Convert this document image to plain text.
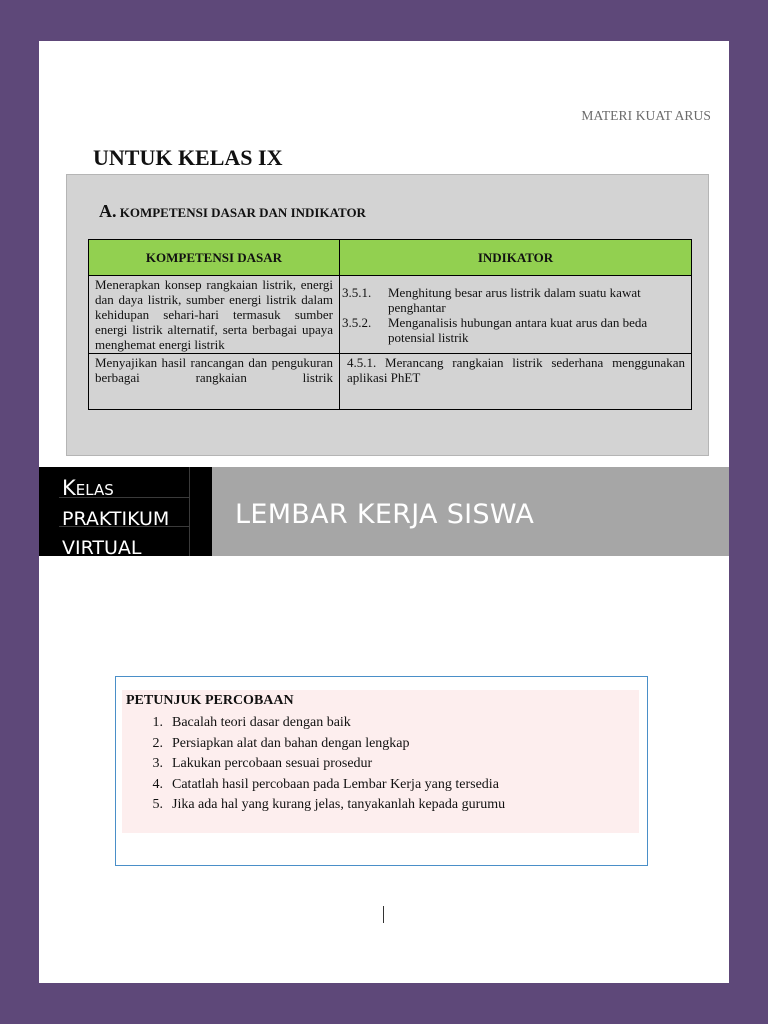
MATERI KUAT ARUS
UNTUK KELAS IX
A. KOMPETENSI DASAR DAN INDIKATOR
KOMPETENSI DASAR	INDIKATOR
Menerapkan konsep rangkaian listrik, energi dan daya listrik, sumber energi listrik dalam kehidupan sehari-hari termasuk sumber energi listrik alternatif, serta berbagai upaya menghemat energi listrik	3.5.1. Menghitung besar arus listrik dalam suatu kawat penghantar
3.5.2. Menganalisis hubungan antara kuat arus dan beda potensial listrik

Menyajikan hasil rancangan dan pengukuran berbagai rangkaian listrik	4.5.1. Merancang rangkaian listrik sederhana menggunakan aplikasi PhET
KELAS
PRAKTIKUM
VIRTUAL
LEMBAR KERJA SISWA
PETUNJUK PERCOBAAN
1. Bacalah teori dasar dengan baik
2. Persiapkan alat dan bahan dengan lengkap
3. Lakukan percobaan sesuai prosedur
4. Catatlah hasil percobaan pada Lembar Kerja yang tersedia
5. Jika ada hal yang kurang jelas, tanyakanlah kepada gurumu
